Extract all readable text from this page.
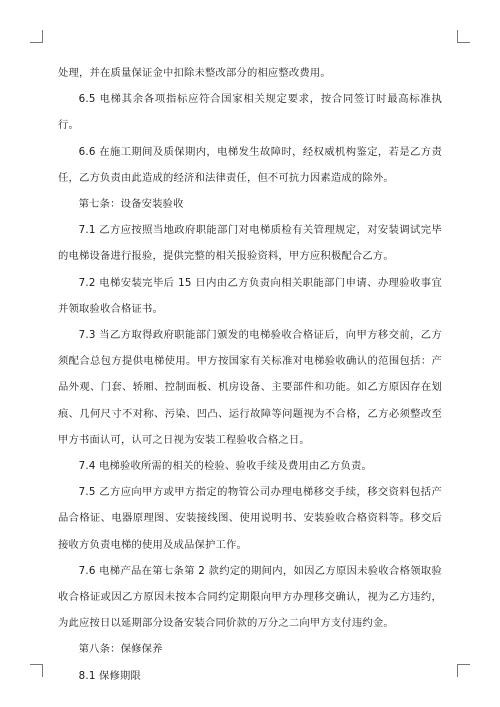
处理，并在质量保证金中扣除未整改部分的相应整改费用。

6.5 电梯其余各项指标应符合国家相关规定要求，按合同签订时最高标准执行。

6.6 在施工期间及质保期内，电梯发生故障时，经权威机构鉴定，若是乙方责任，乙方负责由此造成的经济和法律责任，但不可抗力因素造成的除外。

第七条：设备安装验收

7.1 乙方应按照当地政府职能部门对电梯质检有关管理规定，对安装调试完毕的电梯设备进行报验，提供完整的相关报验资料，甲方应积极配合乙方。

7.2 电梯安装完毕后 15 日内由乙方负责向相关职能部门申请、办理验收事宜并领取验收合格证书。

7.3 当乙方取得政府职能部门颁发的电梯验收合格证后，向甲方移交前，乙方须配合总包方提供电梯使用。甲方按国家有关标准对电梯验收确认的范围包括：产品外观、门套、轿厢、控制面板、机房设备、主要部件和功能。如乙方原因存在划痕、几何尺寸不对称、污染、凹凸、运行故障等问题视为不合格，乙方必须整改至甲方书面认可，认可之日视为安装工程验收合格之日。

7.4 电梯验收所需的相关的检验、验收手续及费用由乙方负责。

7.5 乙方应向甲方或甲方指定的物管公司办理电梯移交手续，移交资料包括产品合格证、电器原理图、安装接线图、使用说明书、安装验收合格资料等。移交后接收方负责电梯的使用及成品保护工作。

7.6 电梯产品在第七条第 2 款约定的期间内，如因乙方原因未验收合格领取验收合格证或因乙方原因未按本合同约定期限向甲方办理移交确认，视为乙方违约，为此应按日以延期部分设备安装合同价款的万分之二向甲方支付违约金。

第八条：保修保养

8.1 保修期限
